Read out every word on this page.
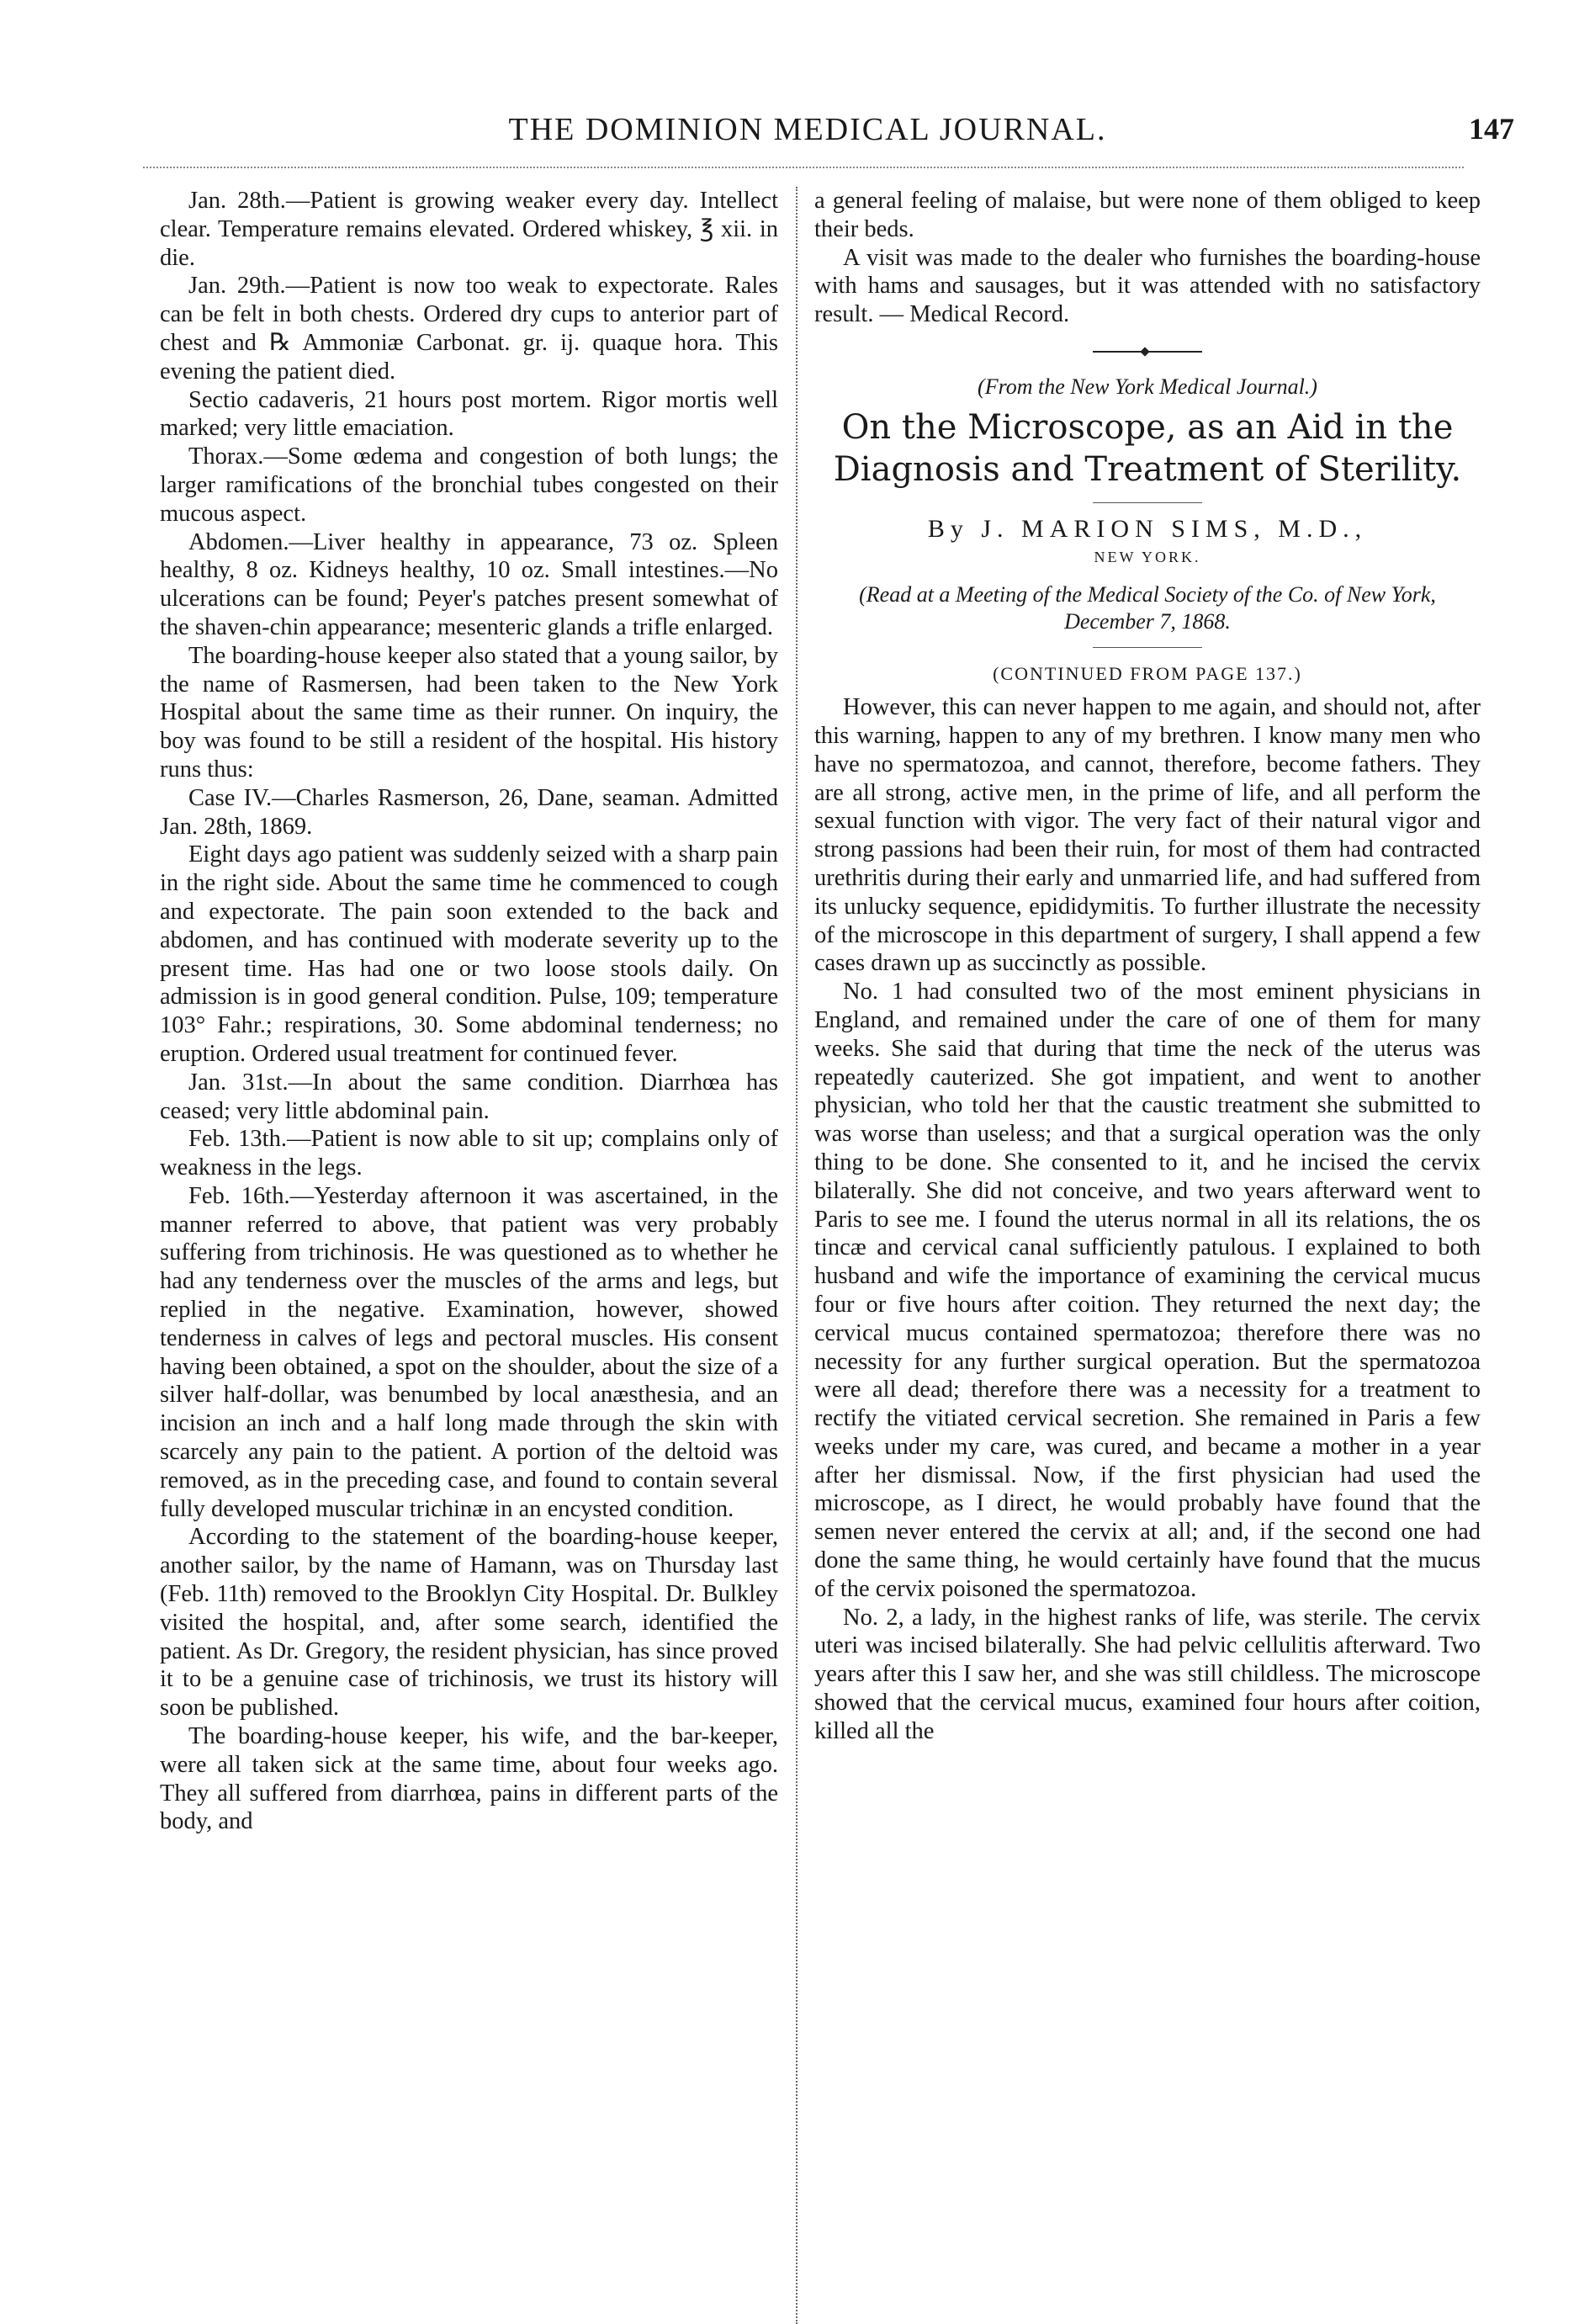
THE DOMINION MEDICAL JOURNAL.	147

Jan. 28th.—Patient is growing weaker every day. Intellect clear. Temperature remains elevated. Ordered whiskey, ℥ xii. in die.

Jan. 29th.—Patient is now too weak to expectorate. Rales can be felt in both chests. Ordered dry cups to anterior part of chest and ℞ Ammoniæ Carbonat. gr. ij. quaque hora. This evening the patient died.

Sectio cadaveris, 21 hours post mortem. Rigor mortis well marked; very little emaciation.

Thorax.—Some œdema and congestion of both lungs; the larger ramifications of the bronchial tubes congested on their mucous aspect.

Abdomen.—Liver healthy in appearance, 73 oz. Spleen healthy, 8 oz. Kidneys healthy, 10 oz. Small intestines.—No ulcerations can be found; Peyer's patches present somewhat of the shaven-chin appearance; mesenteric glands a trifle enlarged.

The boarding-house keeper also stated that a young sailor, by the name of Rasmersen, had been taken to the New York Hospital about the same time as their runner. On inquiry, the boy was found to be still a resident of the hospital. His history runs thus:

Case IV.—Charles Rasmerson, 26, Dane, seaman. Admitted Jan. 28th, 1869.

Eight days ago patient was suddenly seized with a sharp pain in the right side. About the same time he commenced to cough and expectorate. The pain soon extended to the back and abdomen, and has continued with moderate severity up to the present time. Has had one or two loose stools daily. On admission is in good general condition. Pulse, 109; temperature 103° Fahr.; respirations, 30. Some abdominal tenderness; no eruption. Ordered usual treatment for continued fever.

Jan. 31st.—In about the same condition. Diarrhœa has ceased; very little abdominal pain.

Feb. 13th.—Patient is now able to sit up; complains only of weakness in the legs.

Feb. 16th.—Yesterday afternoon it was ascertained, in the manner referred to above, that patient was very probably suffering from trichinosis. He was questioned as to whether he had any tenderness over the muscles of the arms and legs, but replied in the negative. Examination, however, showed tenderness in calves of legs and pectoral muscles. His consent having been obtained, a spot on the shoulder, about the size of a silver half-dollar, was benumbed by local anæsthesia, and an incision an inch and a half long made through the skin with scarcely any pain to the patient. A portion of the deltoid was removed, as in the preceding case, and found to contain several fully developed muscular trichinæ in an encysted condition.

According to the statement of the boarding-house keeper, another sailor, by the name of Hamann, was on Thursday last (Feb. 11th) removed to the Brooklyn City Hospital. Dr. Bulkley visited the hospital, and, after some search, identified the patient. As Dr. Gregory, the resident physician, has since proved it to be a genuine case of trichinosis, we trust its history will soon be published.

The boarding-house keeper, his wife, and the bar-keeper, were all taken sick at the same time, about four weeks ago. They all suffered from diarrhœa, pains in different parts of the body, and

a general feeling of malaise, but were none of them obliged to keep their beds.

A visit was made to the dealer who furnishes the boarding-house with hams and sausages, but it was attended with no satisfactory result. — Medical Record.

(From the New York Medical Journal.)

On the Microscope, as an Aid in the Diagnosis and Treatment of Sterility.

By J. MARION SIMS, M.D.,

NEW YORK.

(Read at a Meeting of the Medical Society of the Co. of New York, December 7, 1868.

(CONTINUED FROM PAGE 137.)

However, this can never happen to me again, and should not, after this warning, happen to any of my brethren. I know many men who have no spermatozoa, and cannot, therefore, become fathers. They are all strong, active men, in the prime of life, and all perform the sexual function with vigor. The very fact of their natural vigor and strong passions had been their ruin, for most of them had contracted urethritis during their early and unmarried life, and had suffered from its unlucky sequence, epididymitis. To further illustrate the necessity of the microscope in this department of surgery, I shall append a few cases drawn up as succinctly as possible.

No. 1 had consulted two of the most eminent physicians in England, and remained under the care of one of them for many weeks. She said that during that time the neck of the uterus was repeatedly cauterized. She got impatient, and went to another physician, who told her that the caustic treatment she submitted to was worse than useless; and that a surgical operation was the only thing to be done. She consented to it, and he incised the cervix bilaterally. She did not conceive, and two years afterward went to Paris to see me. I found the uterus normal in all its relations, the os tincæ and cervical canal sufficiently patulous. I explained to both husband and wife the importance of examining the cervical mucus four or five hours after coition. They returned the next day; the cervical mucus contained spermatozoa; therefore there was no necessity for any further surgical operation. But the spermatozoa were all dead; therefore there was a necessity for a treatment to rectify the vitiated cervical secretion. She remained in Paris a few weeks under my care, was cured, and became a mother in a year after her dismissal. Now, if the first physician had used the microscope, as I direct, he would probably have found that the semen never entered the cervix at all; and, if the second one had done the same thing, he would certainly have found that the mucus of the cervix poisoned the spermatozoa.

No. 2, a lady, in the highest ranks of life, was sterile. The cervix uteri was incised bilaterally. She had pelvic cellulitis afterward. Two years after this I saw her, and she was still childless. The microscope showed that the cervical mucus, examined four hours after coition, killed all the
